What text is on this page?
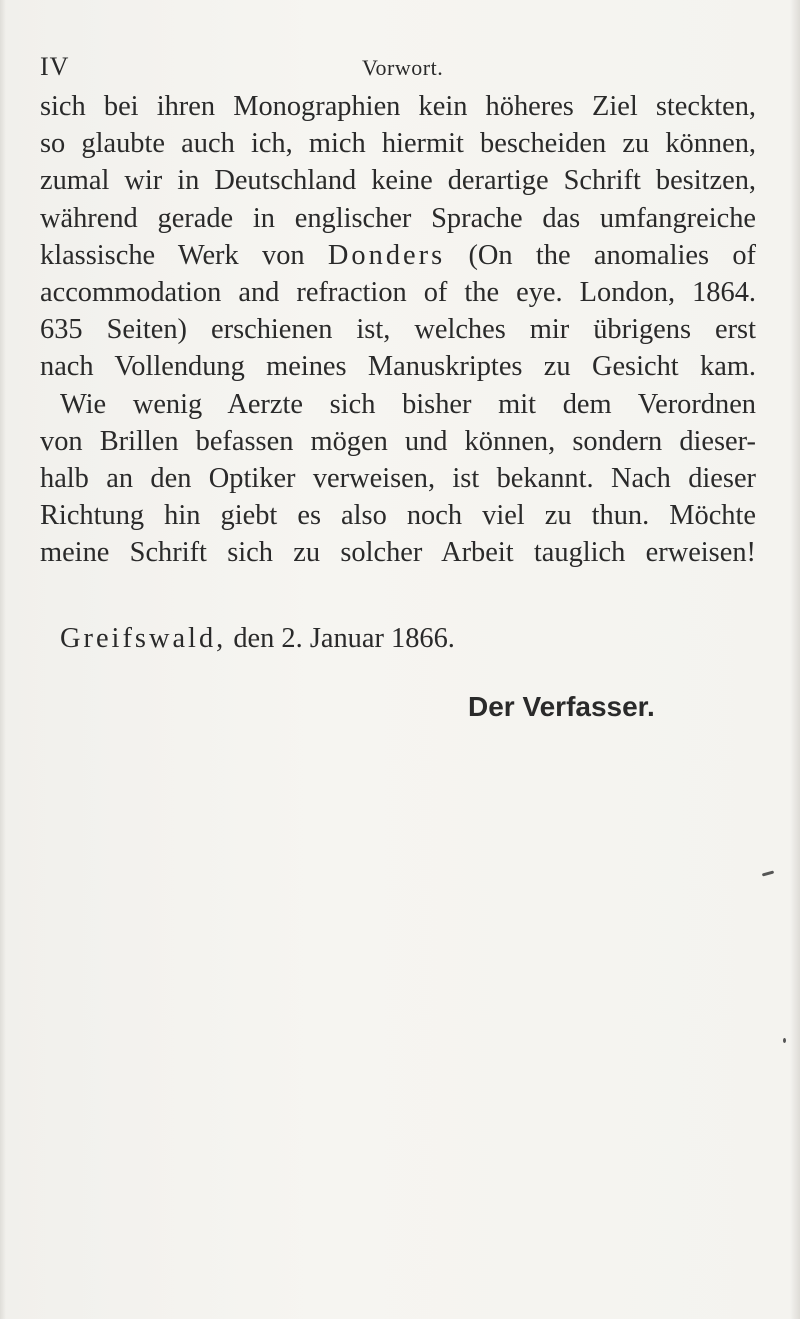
IV	Vorwort.
sich bei ihren Monographien kein höheres Ziel steckten,
so glaubte auch ich, mich hiermit bescheiden zu können,
zumal wir in Deutschland keine derartige Schrift besitzen,
während gerade in englischer Sprache das umfangreiche
klassische Werk von Donders (On the anomalies of
accommodation and refraction of the eye. London, 1864.
635 Seiten) erschienen ist, welches mir übrigens erst
nach Vollendung meines Manuskriptes zu Gesicht kam.
Wie wenig Aerzte sich bisher mit dem Verordnen
von Brillen befassen mögen und können, sondern dieser-
halb an den Optiker verweisen, ist bekannt. Nach dieser
Richtung hin giebt es also noch viel zu thun. Möchte
meine Schrift sich zu solcher Arbeit tauglich erweisen!
Greifswald, den 2. Januar 1866.
Der Verfasser.
